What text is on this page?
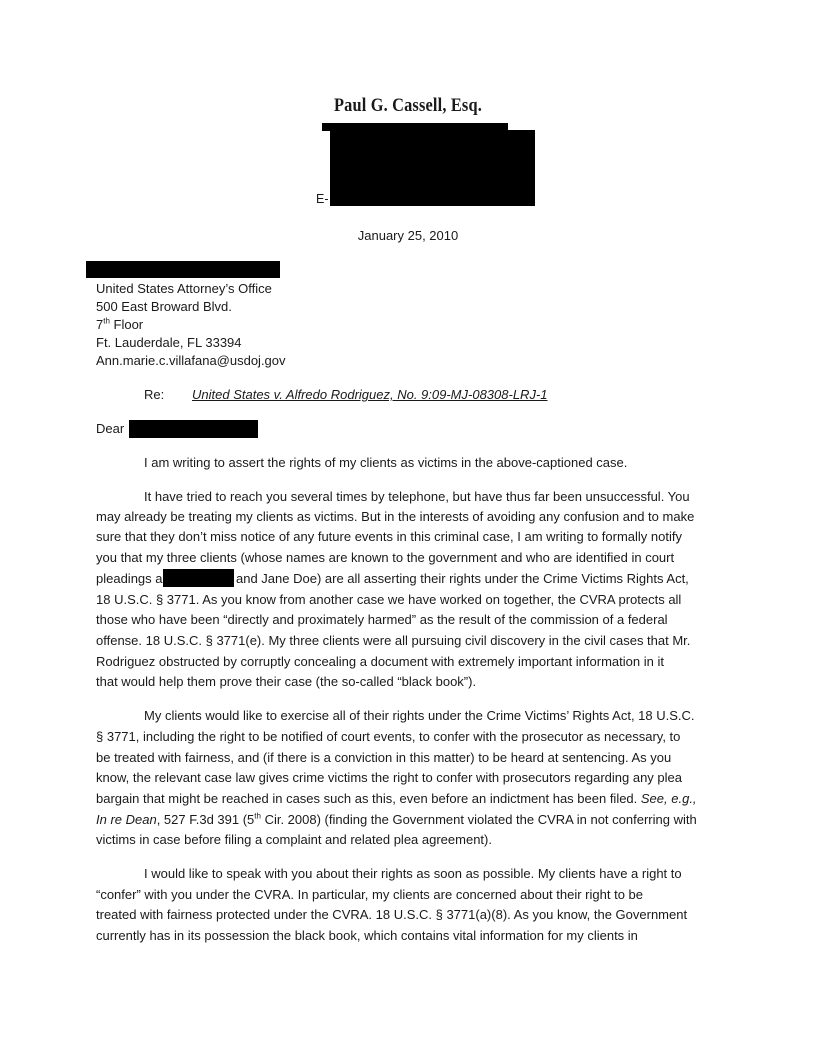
Paul G. Cassell, Esq.
E-
January 25, 2010
United States Attorney’s Office
500 East Broward Blvd.
7th Floor
Ft. Lauderdale, FL 33394
Ann.marie.c.villafana@usdoj.gov
Re: United States v. Alfredo Rodriguez, No. 9:09-MJ-08308-LRJ-1
Dear
I am writing to assert the rights of my clients as victims in the above-captioned case.
It have tried to reach you several times by telephone, but have thus far been unsuccessful. You
may already be treating my clients as victims. But in the interests of avoiding any confusion and to make
sure that they don’t miss notice of any future events in this criminal case, I am writing to formally notify
you that my three clients (whose names are known to the government and who are identified in court
pleadings a	and Jane Doe) are all asserting their rights under the Crime Victims Rights Act,
18 U.S.C. § 3771. As you know from another case we have worked on together, the CVRA protects all
those who have been “directly and proximately harmed” as the result of the commission of a federal
offense. 18 U.S.C. § 3771(e). My three clients were all pursuing civil discovery in the civil cases that Mr.
Rodriguez obstructed by corruptly concealing a document with extremely important information in it
that would help them prove their case (the so-called “black book”).
My clients would like to exercise all of their rights under the Crime Victims’ Rights Act, 18 U.S.C.
§ 3771, including the right to be notified of court events, to confer with the prosecutor as necessary, to
be treated with fairness, and (if there is a conviction in this matter) to be heard at sentencing. As you
know, the relevant case law gives crime victims the right to confer with prosecutors regarding any plea
bargain that might be reached in cases such as this, even before an indictment has been filed. See, e.g.,
In re Dean, 527 F.3d 391 (5th Cir. 2008) (finding the Government violated the CVRA in not conferring with
victims in case before filing a complaint and related plea agreement).
I would like to speak with you about their rights as soon as possible. My clients have a right to
“confer” with you under the CVRA. In particular, my clients are concerned about their right to be
treated with fairness protected under the CVRA. 18 U.S.C. § 3771(a)(8). As you know, the Government
currently has in its possession the black book, which contains vital information for my clients in
